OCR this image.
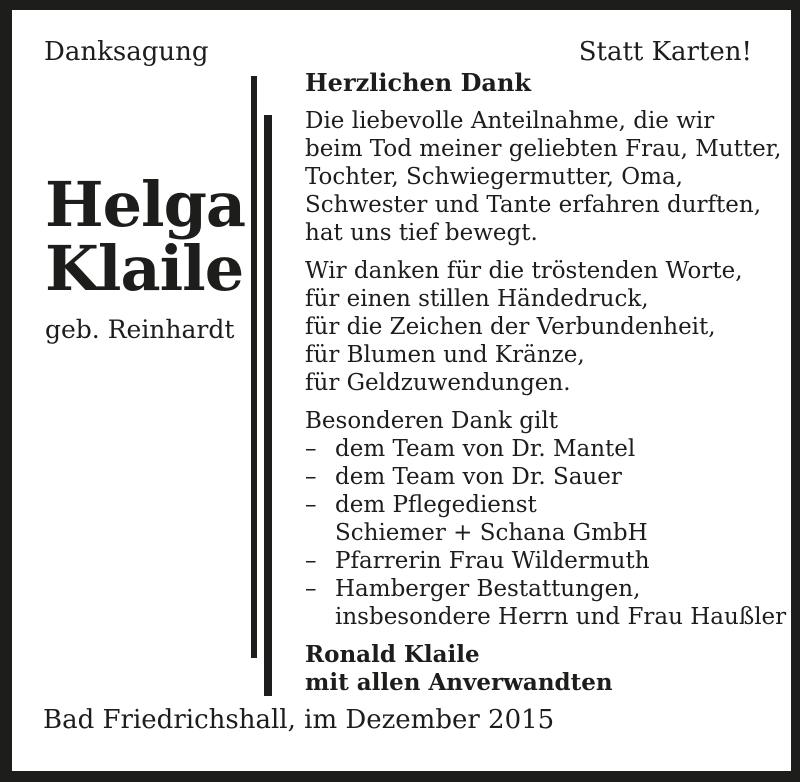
Danksagung	Statt Karten!
Helga
Klaile
geb. Reinhardt
Herzlichen Dank
Die liebevolle Anteilnahme, die wir
beim Tod meiner geliebten Frau, Mutter,
Tochter, Schwiegermutter, Oma,
Schwester und Tante erfahren durften,
hat uns tief bewegt.
Wir danken für die tröstenden Worte,
für einen stillen Händedruck,
für die Zeichen der Verbundenheit,
für Blumen und Kränze,
für Geldzuwendungen.
Besonderen Dank gilt
– dem Team von Dr. Mantel
– dem Team von Dr. Sauer
– dem Pflegedienst
Schiemer + Schana GmbH
– Pfarrerin Frau Wildermuth
– Hamberger Bestattungen,
insbesondere Herrn und Frau Haußler
Ronald Klaile
mit allen Anverwandten
Bad Friedrichshall, im Dezember 2015
